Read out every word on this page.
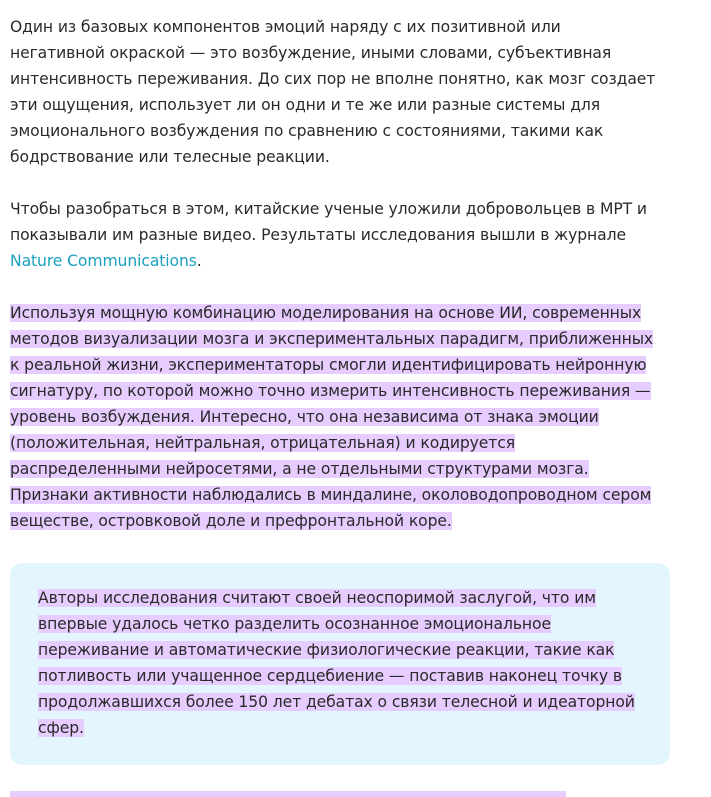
Один из базовых компонентов эмоций наряду с их позитивной или негативной окраской — это возбуждение, иными словами, субъективная интенсивность переживания. До сих пор не вполне понятно, как мозг создает эти ощущения, использует ли он одни и те же или разные системы для эмоционального возбуждения по сравнению с состояниями, такими как бодрствование или телесные реакции.

Чтобы разобраться в этом, китайские ученые уложили добровольцев в МРТ и показывали им разные видео. Результаты исследования вышли в журнале Nature Communications.

Используя мощную комбинацию моделирования на основе ИИ, современных методов визуализации мозга и экспериментальных парадигм, приближенных к реальной жизни, экспериментаторы смогли идентифицировать нейронную сигнатуру, по которой можно точно измерить интенсивность переживания — уровень возбуждения. Интересно, что она независима от знака эмоции (положительная, нейтральная, отрицательная) и кодируется распределенными нейросетями, а не отдельными структурами мозга. Признаки активности наблюдались в миндалине, околоводопроводном сером веществе, островковой доле и префронтальной коре.

Авторы исследования считают своей неоспоримой заслугой, что им впервые удалось четко разделить осознанное эмоциональное переживание и автоматические физиологические реакции, такие как потливость или учащенное сердцебиение — поставив наконец точку в продолжавшихся более 150 лет дебатах о связи телесной и идеаторной сфер.
